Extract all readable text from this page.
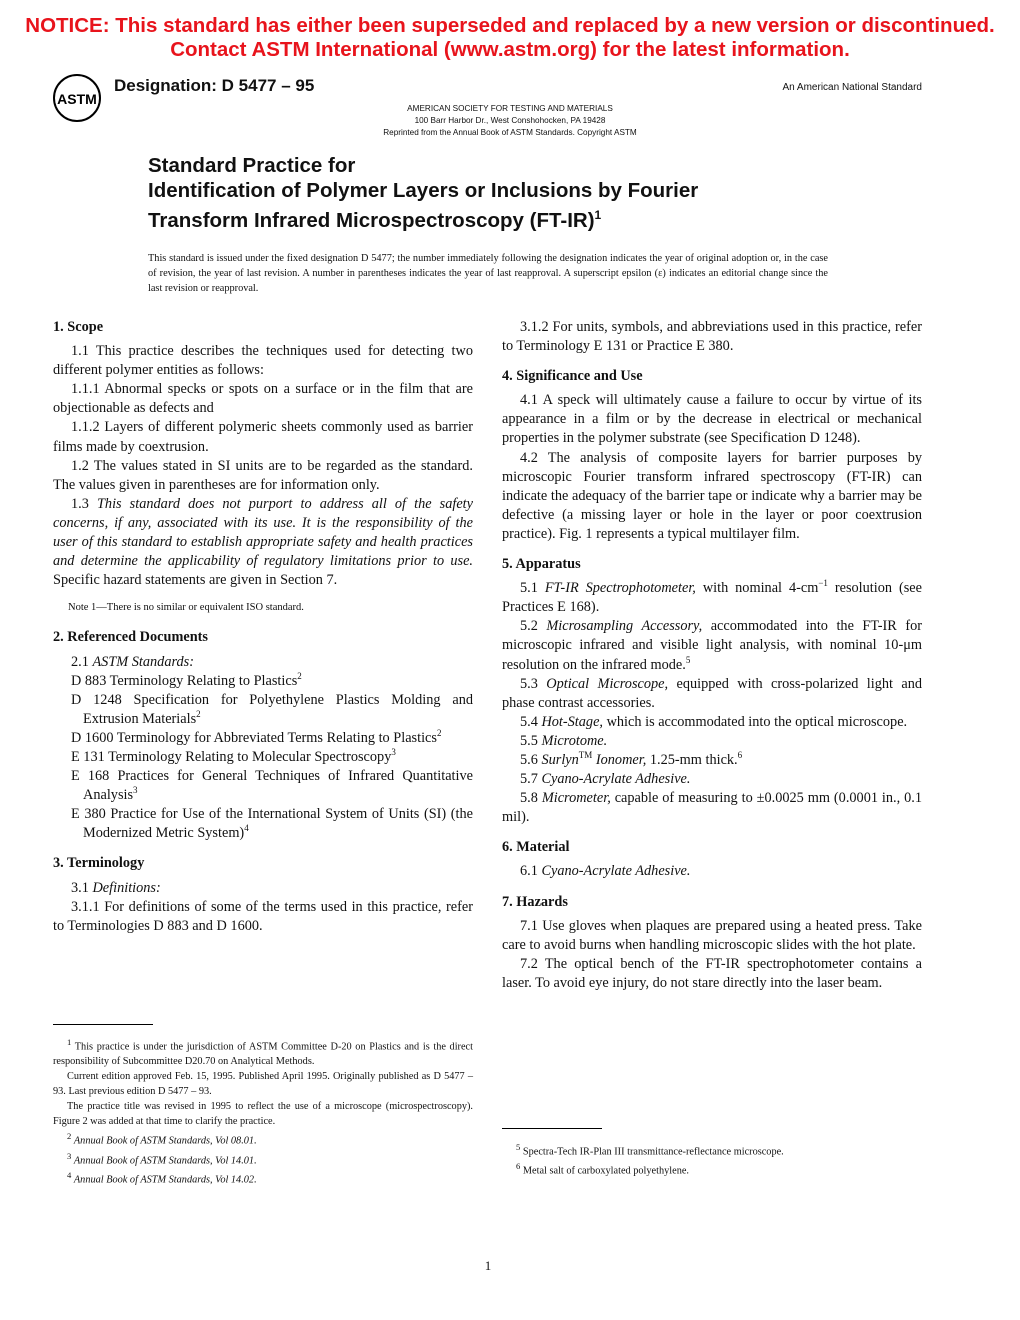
NOTICE: This standard has either been superseded and replaced by a new version or discontinued.
Contact ASTM International (www.astm.org) for the latest information.
ASTM
Designation: D 5477 – 95	An American National Standard
AMERICAN SOCIETY FOR TESTING AND MATERIALS
100 Barr Harbor Dr., West Conshohocken, PA 19428
Reprinted from the Annual Book of ASTM Standards. Copyright ASTM
Standard Practice for
Identification of Polymer Layers or Inclusions by Fourier
Transform Infrared Microspectroscopy $(FT-IR)^1$
This standard is issued under the fixed designation D 5477; the number immediately following the designation indicates the year of original adoption or, in the case of revision, the year of last revision. A number in parentheses indicates the year of last reapproval. A superscript epsilon (ε) indicates an editorial change since the last revision or reapproval.

1. Scope

1.1 This practice describes the techniques used for detecting two different polymer entities as follows:

1.1.1 Abnormal specks or spots on a surface or in the film that are objectionable as defects and

1.1.2 Layers of different polymeric sheets commonly used as barrier films made by coextrusion.

1.2 The values stated in SI units are to be regarded as the standard. The values given in parentheses are for information only.

1.3 This standard does not purport to address all of the safety concerns, if any, associated with its use. It is the responsibility of the user of this standard to establish appropriate safety and health practices and determine the applicability of regulatory limitations prior to use. Specific hazard statements are given in Section 7.

Note 1—There is no similar or equivalent ISO standard.

2. Referenced Documents

2.1 ASTM Standards:

D 883 Terminology Relating to Plastics$^2$

D 1248 Specification for Polyethylene Plastics Molding and Extrusion Materials$^2$

D 1600 Terminology for Abbreviated Terms Relating to Plastics$^2$

E 131 Terminology Relating to Molecular Spectroscopy$^3$

E 168 Practices for General Techniques of Infrared Quantitative Analysis$^3$

E 380 Practice for Use of the International System of Units (SI) (the Modernized Metric System)$^4$

3. Terminology

3.1 Definitions:

3.1.1 For definitions of some of the terms used in this practice, refer to Terminologies D 883 and D 1600.

3.1.2 For units, symbols, and abbreviations used in this practice, refer to Terminology E 131 or Practice E 380.

4. Significance and Use

4.1 A speck will ultimately cause a failure to occur by virtue of its appearance in a film or by the decrease in electrical or mechanical properties in the polymer substrate (see Specification D 1248).

4.2 The analysis of composite layers for barrier purposes by microscopic Fourier transform infrared spectroscopy (FT-IR) can indicate the adequacy of the barrier tape or indicate why a barrier may be defective (a missing layer or hole in the layer or poor coextrusion practice). Fig. 1 represents a typical multilayer film.

5. Apparatus

5.1 FT-IR Spectrophotometer, with nominal $4-cm^{-1}$ resolution (see Practices E 168).

5.2 Microsampling Accessory, accommodated into the FT-IR for microscopic infrared and visible light analysis, with nominal 10-μm resolution on the infrared mode.$^5$

5.3 Optical Microscope, equipped with cross-polarized light and phase contrast accessories.

5.4 Hot-Stage, which is accommodated into the optical microscope.

5.5 Microtome.

5.6 Surlyn™ Ionomer, 1.25-mm thick.$^6$

5.7 Cyano-Acrylate Adhesive.

5.8 Micrometer, capable of measuring to ±0.0025 mm (0.0001 in., 0.1 mil).

6. Material

6.1 Cyano-Acrylate Adhesive.

7. Hazards

7.1 Use gloves when plaques are prepared using a heated press. Take care to avoid burns when handling microscopic slides with the hot plate.

7.2 The optical bench of the FT-IR spectrophotometer contains a laser. To avoid eye injury, do not stare directly into the laser beam.

$^1$ This practice is under the jurisdiction of ASTM Committee D-20 on Plastics and is the direct responsibility of Subcommittee D20.70 on Analytical Methods.

Current edition approved Feb. 15, 1995. Published April 1995. Originally published as D 5477 – 93. Last previous edition D 5477 – 93.

The practice title was revised in 1995 to reflect the use of a microscope (microspectroscopy). Figure 2 was added at that time to clarify the practice.

$^2$ Annual Book of ASTM Standards, Vol 08.01.

$^3$ Annual Book of ASTM Standards, Vol 14.01.

$^4$ Annual Book of ASTM Standards, Vol 14.02.

$^5$ Spectra-Tech IR-Plan III transmittance-reflectance microscope.

$^6$ Metal salt of carboxylated polyethylene.

1
